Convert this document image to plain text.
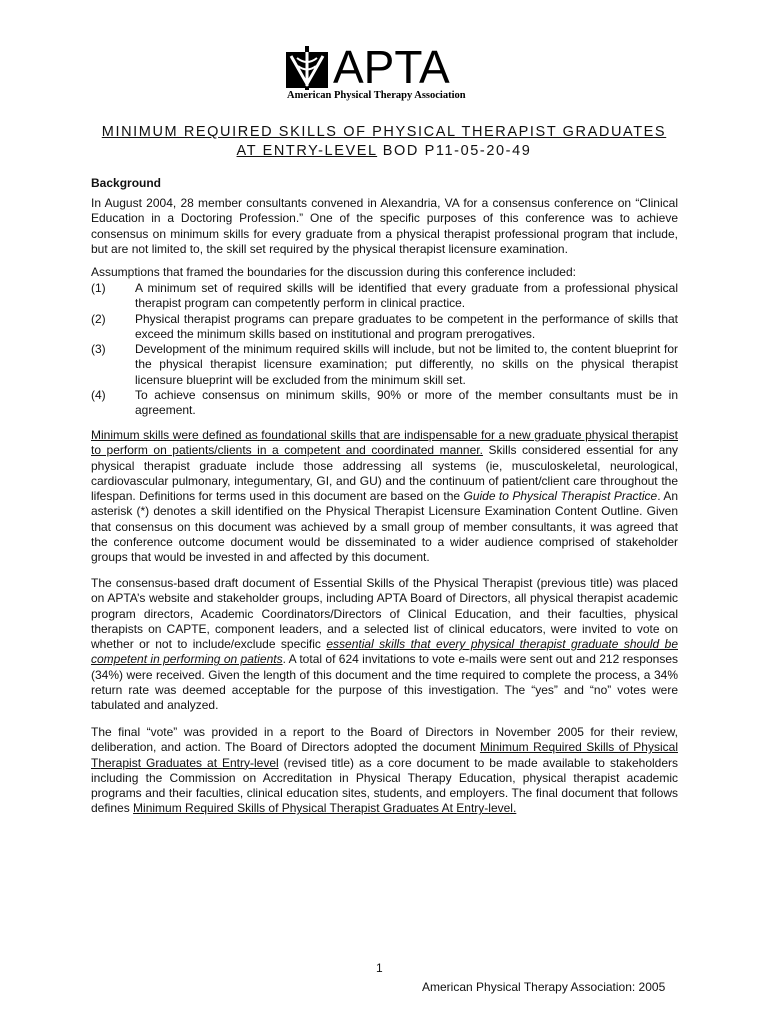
APTA
American Physical Therapy Association
MINIMUM REQUIRED SKILLS OF PHYSICAL THERAPIST GRADUATES
AT ENTRY-LEVEL BOD P11-05-20-49
Background
In August 2004, 28 member consultants convened in Alexandria, VA for a consensus conference on “Clinical Education in a Doctoring Profession.” One of the specific purposes of this conference was to achieve consensus on minimum skills for every graduate from a physical therapist professional program that include, but are not limited to, the skill set required by the physical therapist licensure examination.
Assumptions that framed the boundaries for the discussion during this conference included:
(1)	A minimum set of required skills will be identified that every graduate from a professional physical therapist program can competently perform in clinical practice.
(2)	Physical therapist programs can prepare graduates to be competent in the performance of skills that exceed the minimum skills based on institutional and program prerogatives.
(3)	Development of the minimum required skills will include, but not be limited to, the content blueprint for the physical therapist licensure examination; put differently, no skills on the physical therapist licensure blueprint will be excluded from the minimum skill set.
(4)	To achieve consensus on minimum skills, 90% or more of the member consultants must be in agreement.
Minimum skills were defined as foundational skills that are indispensable for a new graduate physical therapist to perform on patients/clients in a competent and coordinated manner. Skills considered essential for any physical therapist graduate include those addressing all systems (ie, musculoskeletal, neurological, cardiovascular pulmonary, integumentary, GI, and GU) and the continuum of patient/client care throughout the lifespan. Definitions for terms used in this document are based on the Guide to Physical Therapist Practice. An asterisk (*) denotes a skill identified on the Physical Therapist Licensure Examination Content Outline. Given that consensus on this document was achieved by a small group of member consultants, it was agreed that the conference outcome document would be disseminated to a wider audience comprised of stakeholder groups that would be invested in and affected by this document.
The consensus-based draft document of Essential Skills of the Physical Therapist (previous title) was placed on APTA’s website and stakeholder groups, including APTA Board of Directors, all physical therapist academic program directors, Academic Coordinators/Directors of Clinical Education, and their faculties, physical therapists on CAPTE, component leaders, and a selected list of clinical educators, were invited to vote on whether or not to include/exclude specific essential skills that every physical therapist graduate should be competent in performing on patients. A total of 624 invitations to vote e-mails were sent out and 212 responses (34%) were received. Given the length of this document and the time required to complete the process, a 34% return rate was deemed acceptable for the purpose of this investigation. The “yes” and “no” votes were tabulated and analyzed.
The final “vote” was provided in a report to the Board of Directors in November 2005 for their review, deliberation, and action. The Board of Directors adopted the document Minimum Required Skills of Physical Therapist Graduates at Entry-level (revised title) as a core document to be made available to stakeholders including the Commission on Accreditation in Physical Therapy Education, physical therapist academic programs and their faculties, clinical education sites, students, and employers. The final document that follows defines Minimum Required Skills of Physical Therapist Graduates At Entry-level.
1
American Physical Therapy Association: 2005
